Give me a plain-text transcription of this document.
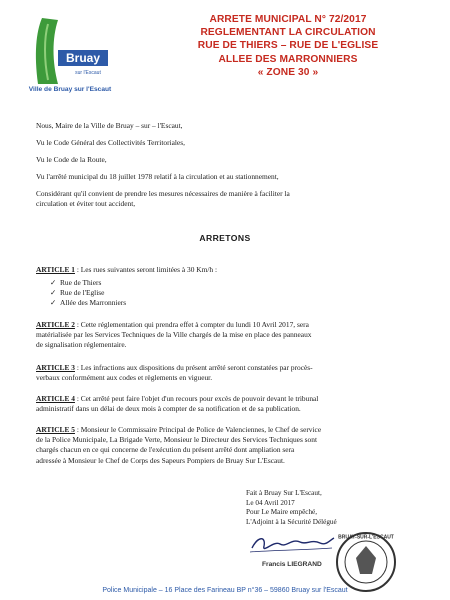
Bruay
sur l'Escaut
Ville de Bruay sur l'Escaut
ARRETE MUNICIPAL N° 72/2017
REGLEMENTANT LA CIRCULATION
RUE DE THIERS – RUE DE L'EGLISE
ALLEE DES MARRONNIERS
« ZONE 30 »
Nous, Maire de la Ville de Bruay – sur – l'Escaut,
Vu le Code Général des Collectivités Territoriales,
Vu le Code de la Route,
Vu l'arrêté municipal du 18 juillet 1978 relatif à la circulation et au stationnement,
Considérant qu'il convient de prendre les mesures nécessaires de manière à faciliter la
circulation et éviter tout accident,
ARRETONS
ARTICLE 1 : Les rues suivantes seront limitées à 30 Km/h :
✓ Rue de Thiers
✓ Rue de l'Eglise
✓ Allée des Marronniers
ARTICLE 2 : Cette réglementation qui prendra effet à compter du lundi 10 Avril 2017, sera
matérialisée par les Services Techniques de la Ville chargés de la mise en place des panneaux
de signalisation réglementaire.
ARTICLE 3 : Les infractions aux dispositions du présent arrêté seront constatées par procès-
verbaux conformément aux codes et règlements en vigueur.
ARTICLE 4 : Cet arrêté peut faire l'objet d'un recours pour excès de pouvoir devant le tribunal
administratif dans un délai de deux mois à compter de sa notification et de sa publication.
ARTICLE 5 : Monsieur le Commissaire Principal de Police de Valenciennes, le Chef de service
de la Police Municipale, La Brigade Verte, Monsieur le Directeur des Services Techniques sont
chargés chacun en ce qui concerne de l'exécution du présent arrêté dont ampliation sera
adressée à Monsieur le Chef de Corps des Sapeurs Pompiers de Bruay Sur L'Escaut.
Fait à Bruay Sur L'Escaut,
Le 04 Avril 2017
Pour Le Maire empêché,
L'Adjoint à la Sécurité Délégué
BRUAY-SUR-L'ESCAUT
Francis LIEGRAND
Police Municipale – 16 Place des Farineau BP n°36 – 59860 Bruay sur l'Escaut
